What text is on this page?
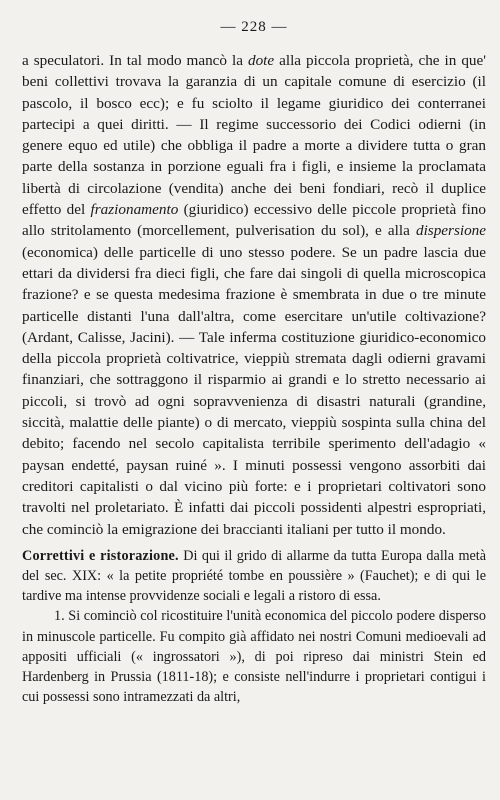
— 228 —

a speculatori. In tal modo mancò la dote alla piccola proprietà, che in que' beni collettivi trovava la garanzia di un capitale comune di esercizio (il pascolo, il bosco ecc); e fu sciolto il legame giuridico dei conterranei partecipi a quei diritti. — Il regime successorio dei Codici odierni (in genere equo ed utile) che obbliga il padre a morte a dividere tutta o gran parte della sostanza in porzione eguali fra i figli, e insieme la proclamata libertà di circolazione (vendita) anche dei beni fondiari, recò il duplice effetto del frazionamento (giuridico) eccessivo delle piccole proprietà fino allo stritolamento (morcellement, pulverisation du sol), e alla dispersione (economica) delle particelle di uno stesso podere. Se un padre lascia due ettari da dividersi fra dieci figli, che fare dai singoli di quella microscopica frazione? e se questa medesima frazione è smembrata in due o tre minute particelle distanti l'una dall'altra, come esercitare un'utile coltivazione? (Ardant, Calisse, Jacini). — Tale inferma costituzione giuridico-economico della piccola proprietà coltivatrice, vieppiù stremata dagli odierni gravami finanziari, che sottraggono il risparmio ai grandi e lo stretto necessario ai piccoli, si trovò ad ogni sopravvenienza di disastri naturali (grandine, siccità, malattie delle piante) o di mercato, vieppiù sospinta sulla china del debito; facendo nel secolo capitalista terribile sperimento dell'adagio « paysan endetté, paysan ruiné ». I minuti possessi vengono assorbiti dai creditori capitalisti o dal vicino più forte: e i proprietari coltivatori sono travolti nel proletariato. È infatti dai piccoli possidenti alpestri espropriati, che cominciò la emigrazione dei braccianti italiani per tutto il mondo.

Correttivi e ristorazione. Di qui il grido di allarme da tutta Europa dalla metà del sec. XIX: « la petite propriété tombe en poussière » (Fauchet); e di qui le tardive ma intense provvidenze sociali e legali a ristoro di essa.

1. Si cominciò col ricostituire l'unità economica del piccolo podere disperso in minuscole particelle. Fu compito già affidato nei nostri Comuni medioevali ad appositi ufficiali (« ingrossatori »), di poi ripreso dai ministri Stein ed Hardenberg in Prussia (1811-18); e consiste nell'indurre i proprietari contigui i cui possessi sono intramezzati da altri,
